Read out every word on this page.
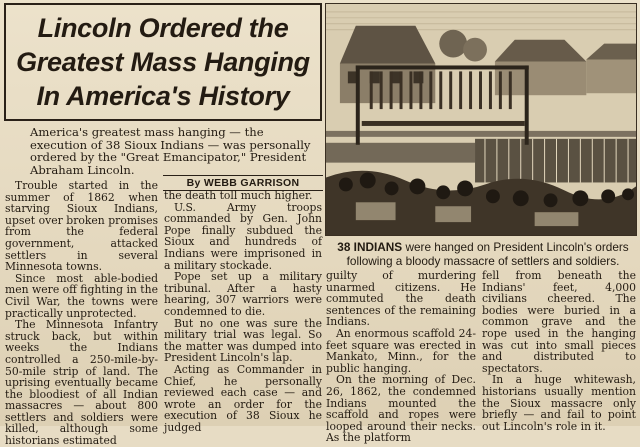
Lincoln Ordered the
Greatest Mass Hanging
In America's History

America's greatest mass hanging — the execution of 38 Sioux Indians — was personally ordered by the "Great Emancipator," President Abraham Lincoln.

By WEBB GARRISON
38 INDIANS were hanged on President Lincoln's orders following a bloody massacre of settlers and soldiers.

Trouble started in the summer of 1862 when starving Sioux Indians, upset over broken promises from the federal government, attacked settlers in several Minnesota towns.

Since most able-bodied men were off fighting in the Civil War, the towns were practically unprotected.

The Minnesota Infantry struck back, but within weeks the Indians controlled a 250-mile-by-50-mile strip of land. The uprising eventually became the bloodiest of all Indian massacres — about 800 settlers and soldiers were killed, although some historians estimated

the death toll much higher.

U.S. Army troops commanded by Gen. John Pope finally subdued the Sioux and hundreds of Indians were imprisoned in a military stockade.

Pope set up a military tribunal. After a hasty hearing, 307 warriors were condemned to die.

But no one was sure the military trial was legal. So the matter was dumped into President Lincoln's lap.

Acting as Commander in Chief, he personally reviewed each case — and wrote an order for the execution of 38 Sioux he judged

guilty of murdering unarmed citizens. He commuted the death sentences of the remaining Indians.

An enormous scaffold 24-feet square was erected in Mankato, Minn., for the public hanging.

On the morning of Dec. 26, 1862, the condemned Indians mounted the scaffold and ropes were looped around their necks. As the platform

fell from beneath the Indians' feet, 4,000 civilians cheered. The bodies were buried in a common grave and the rope used in the hanging was cut into small pieces and distributed to spectators.

In a huge whitewash, historians usually mention the Sioux massacre only briefly — and fail to point out Lincoln's role in it.
